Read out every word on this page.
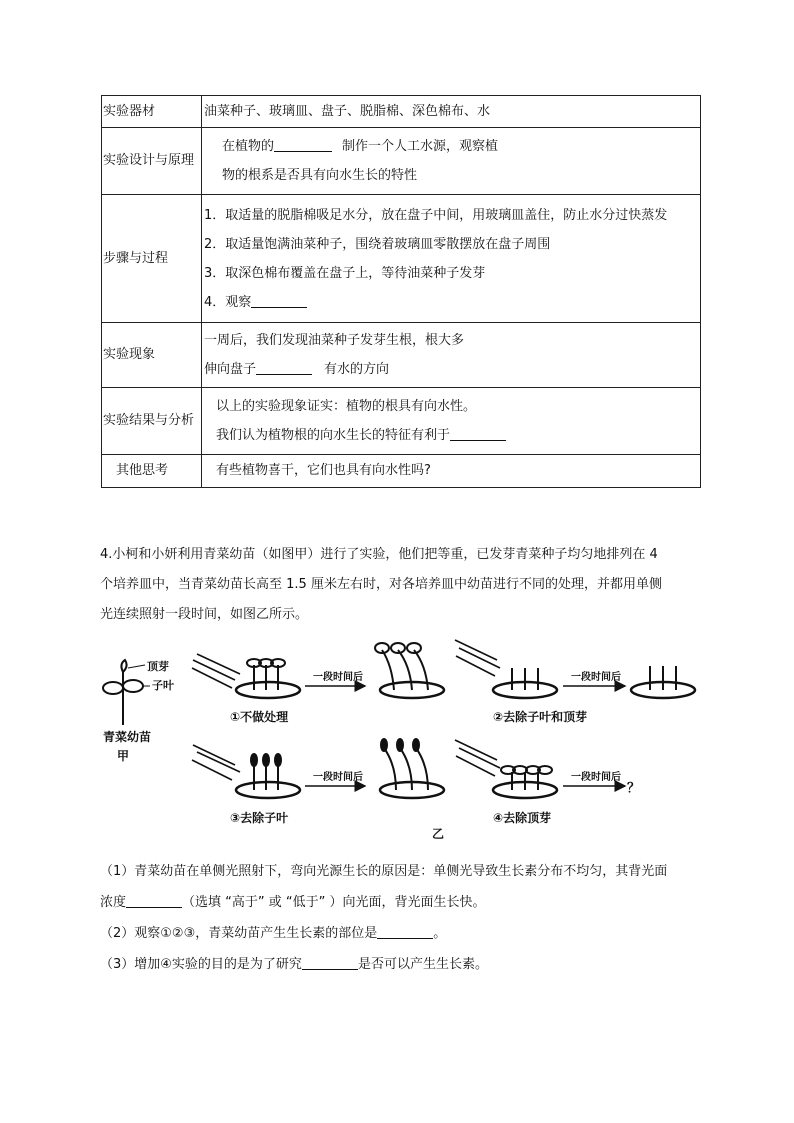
实验器材	油菜种子、玻璃皿、盘子、脱脂棉、深色棉布、水
实验设计与原理	在植物的 制作一个人工水源，观察植
物的根系是否具有向水生长的特性

步骤与过程	1．取适量的脱脂棉吸足水分，放在盘子中间，用玻璃皿盖住，防止水分过快蒸发
2．取适量饱满油菜种子，围绕着玻璃皿零散摆放在盘子周围
3．取深色棉布覆盖在盘子上，等待油菜种子发芽
4．观察

实验现象	一周后，我们发现油菜种子发芽生根，根大多
伸向盘子 有水的方向

实验结果与分析	以上的实验现象证实：植物的根具有向水性。
我们认为植物根的向水生长的特征有利于

其他思考	有些植物喜干，它们也具有向水性吗?

4.小柯和小妍利用青菜幼苗（如图甲）进行了实验，他们把等重，已发芽青菜种子均匀地排列在 4

个培养皿中，当青菜幼苗长高至 1.5 厘米左右时，对各培养皿中幼苗进行不同的处理，并都用单侧

光连续照射一段时间，如图乙所示。

顶芽
子叶
青菜幼苗
甲
一段时间后	一段时间后
一段时间后	一段时间后
？
①不做处理	②去除子叶和顶芽
③去除子叶	④去除顶芽
乙

（1）青菜幼苗在单侧光照射下，弯向光源生长的原因是：单侧光导致生长素分布不均匀，其背光面

浓度	（选填 “高于” 或 “低于” ）向光面，背光面生长快。

（2）观察①②③，青菜幼苗产生生长素的部位是	。

（3）增加④实验的目的是为了研究	是否可以产生生长素。
